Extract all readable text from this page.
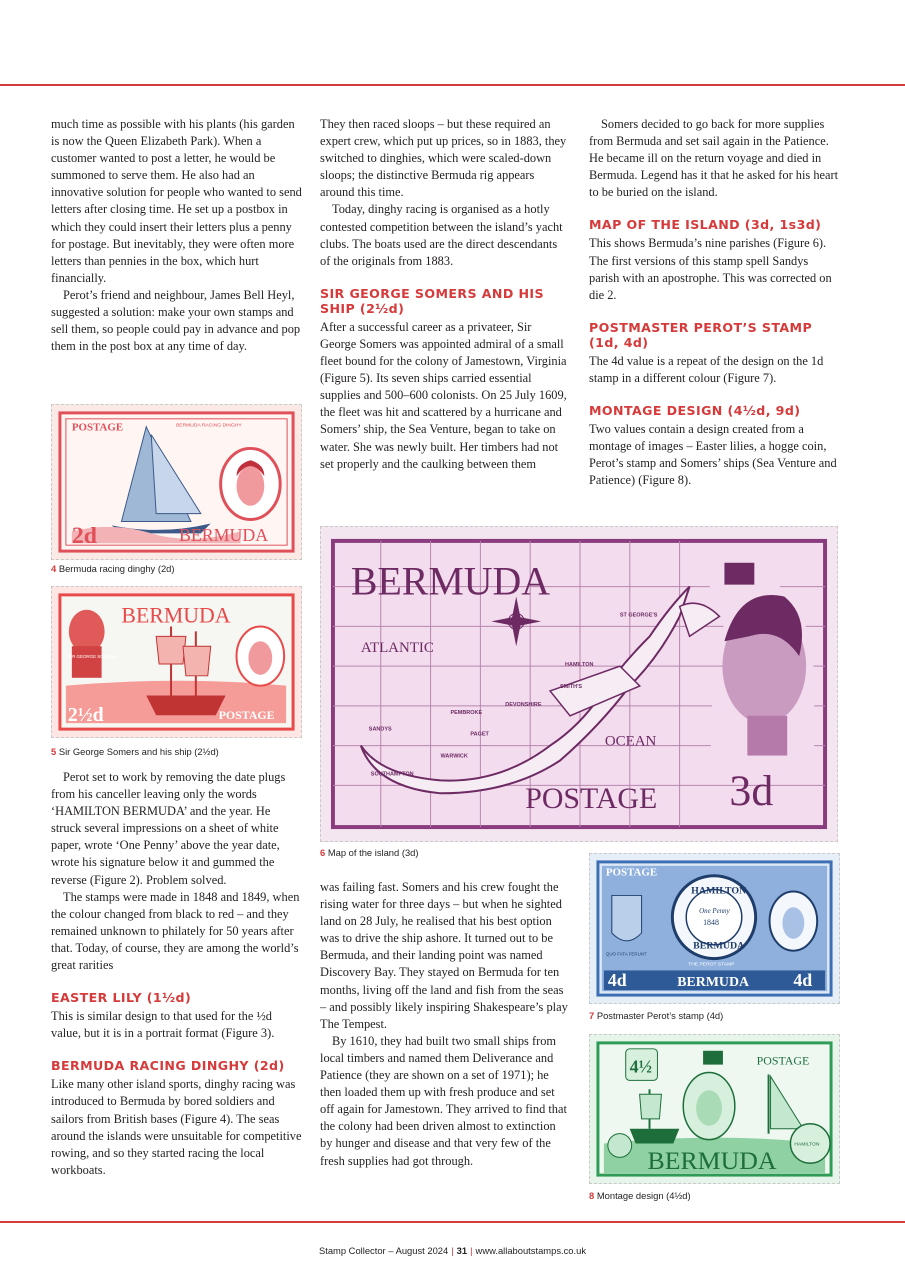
much time as possible with his plants (his garden is now the Queen Elizabeth Park). When a customer wanted to post a letter, he would be summoned to serve them. He also had an innovative solution for people who wanted to send letters after closing time. He set up a postbox in which they could insert their letters plus a penny for postage. But inevitably, they were often more letters than pennies in the box, which hurt financially.

Perot’s friend and neighbour, James Bell Heyl, suggested a solution: make your own stamps and sell them, so people could pay in advance and pop them in the post box at any time of day.

POSTAGE	BERMUDA RACING DINGHY
2d	BERMUDA
4 Bermuda racing dinghy (2d)
BERMUDA
SIR GEORGE SOMERS
2½d	POSTAGE
5 Sir George Somers and his ship (2½d)

Perot set to work by removing the date plugs from his canceller leaving only the words ‘HAMILTON BERMUDA’ and the year. He struck several impressions on a sheet of white paper, wrote ‘One Penny’ above the year date, wrote his signature below it and gummed the reverse (Figure 2). Problem solved.

The stamps were made in 1848 and 1849, when the colour changed from black to red – and they remained unknown to philately for 50 years after that. Today, of course, they are among the world’s great rarities

EASTER LILY (1½d)

This is similar design to that used for the ½d value, but it is in a portrait format (Figure 3).

BERMUDA RACING DINGHY (2d)

Like many other island sports, dinghy racing was introduced to Bermuda by bored soldiers and sailors from British bases (Figure 4). The seas around the islands were unsuitable for competitive rowing, and so they started racing the local workboats.

They then raced sloops – but these required an expert crew, which put up prices, so in 1883, they switched to dinghies, which were scaled-down sloops; the distinctive Bermuda rig appears around this time.

Today, dinghy racing is organised as a hotly contested competition between the island’s yacht clubs. The boats used are the direct descendants of the originals from 1883.

SIR GEORGE SOMERS AND HIS SHIP (2½d)

After a successful career as a privateer, Sir George Somers was appointed admiral of a small fleet bound for the colony of Jamestown, Virginia (Figure 5). Its seven ships carried essential supplies and 500–600 colonists. On 25 July 1609, the fleet was hit and scattered by a hurricane and Somers’ ship, the Sea Venture, began to take on water. She was newly built. Her timbers had not set properly and the caulking between them

BERMUDA
ATLANTIC
OCEAN
POSTAGE 3d
ST GEORGE'S
HAMILTON
SMITH'S
DEVONSHIRE
PEMBROKE
PAGET
WARWICK
SOUTHAMPTON
SANDYS
6 Map of the island (3d)

was failing fast. Somers and his crew fought the rising water for three days – but when he sighted land on 28 July, he realised that his best option was to drive the ship ashore. It turned out to be Bermuda, and their landing point was named Discovery Bay. They stayed on Bermuda for ten months, living off the land and fish from the seas – and possibly likely inspiring Shakespeare’s play The Tempest.

By 1610, they had built two small ships from local timbers and named them Deliverance and Patience (they are shown on a set of 1971); he then loaded them up with fresh produce and set off again for Jamestown. They arrived to find that the colony had been driven almost to extinction by hunger and disease and that very few of the fresh supplies had got through.

Somers decided to go back for more supplies from Bermuda and set sail again in the Patience. He became ill on the return voyage and died in Bermuda. Legend has it that he asked for his heart to be buried on the island.

MAP OF THE ISLAND (3d, 1s3d)

This shows Bermuda’s nine parishes (Figure 6). The first versions of this stamp spell Sandys parish with an apostrophe. This was corrected on die 2.

POSTMASTER PEROT’S STAMP (1d, 4d)

The 4d value is a repeat of the design on the 1d stamp in a different colour (Figure 7).

MONTAGE DESIGN (4½d, 9d)

Two values contain a design created from a montage of images – Easter lilies, a hogge coin, Perot’s stamp and Somers’ ships (Sea Venture and Patience) (Figure 8).

POSTAGE
HAMILTON
BERMUDA
One Penny
1848
THE PEROT STAMP
QUO FATA FERUNT
BERMUDA
4d	4d
7 Postmaster Perot’s stamp (4d)
4½	POSTAGE
BERMUDA
HAMILTON
8 Montage design (4½d)
Stamp Collector – August 2024 | 31 | www.allaboutstamps.co.uk
